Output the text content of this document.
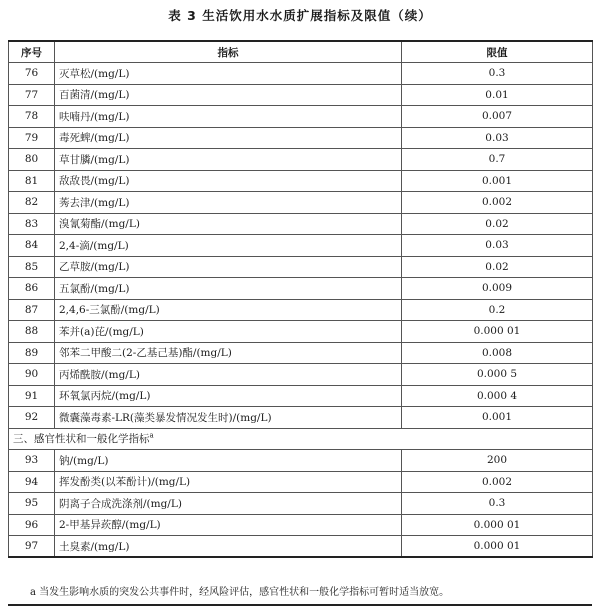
表 3 生活饮用水水质扩展指标及限值（续）
序号	指标	限值
76	灭草松/(mg/L)	0.3
77	百菌清/(mg/L)	0.01
78	呋喃丹/(mg/L)	0.007
79	毒死蜱/(mg/L)	0.03
80	草甘膦/(mg/L)	0.7
81	敌敌畏/(mg/L)	0.001
82	莠去津/(mg/L)	0.002
83	溴氰菊酯/(mg/L)	0.02
84	2,4-滴/(mg/L)	0.03
85	乙草胺/(mg/L)	0.02
86	五氯酚/(mg/L)	0.009
87	2,4,6-三氯酚/(mg/L)	0.2
88	苯并(a)芘/(mg/L)	0.000 01
89	邻苯二甲酸二(2-乙基己基)酯/(mg/L)	0.008
90	丙烯酰胺/(mg/L)	0.000 5
91	环氧氯丙烷/(mg/L)	0.000 4
92	微囊藻毒素-LR(藻类暴发情况发生时)/(mg/L)	0.001
三、感官性状和一般化学指标$^a$
93	钠/(mg/L)	200
94	挥发酚类(以苯酚计)/(mg/L)	0.002
95	阴离子合成洗涤剂/(mg/L)	0.3
96	2-甲基异莰醇/(mg/L)	0.000 01
97	土臭素/(mg/L)	0.000 01
a 当发生影响水质的突发公共事件时，经风险评估，感官性状和一般化学指标可暂时适当放宽。
